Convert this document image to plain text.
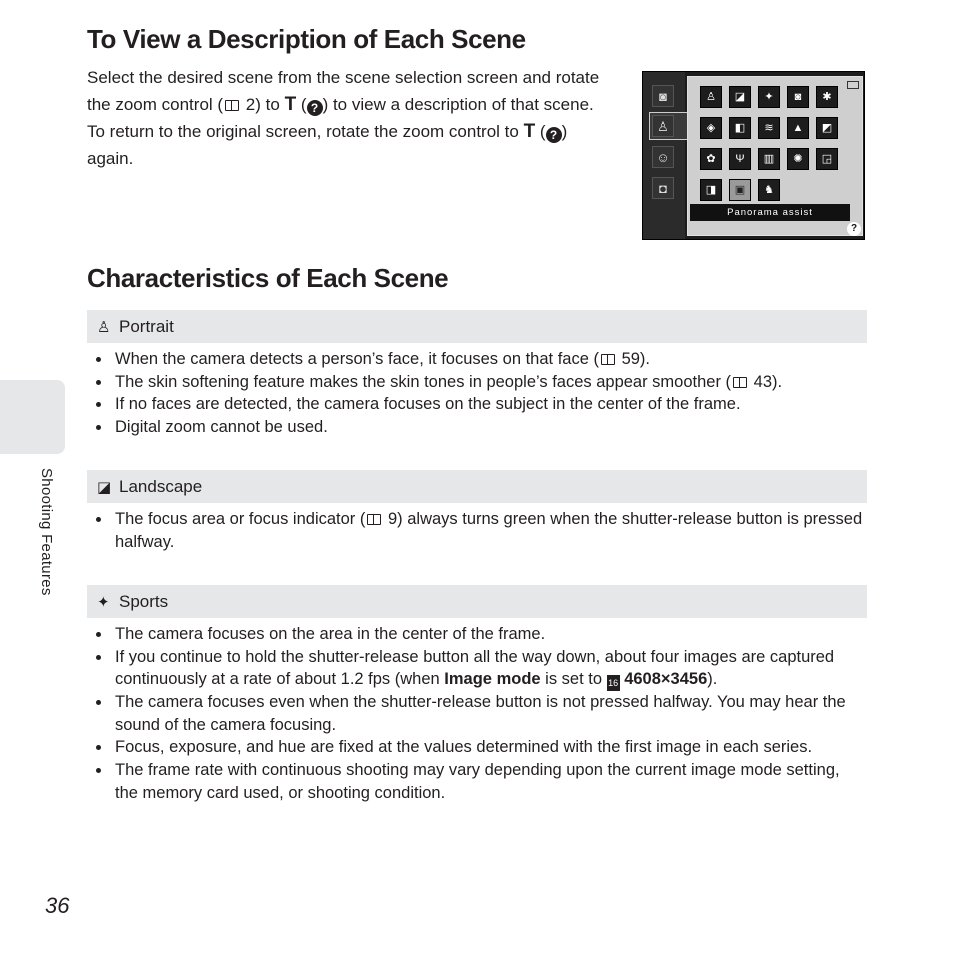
To View a Description of Each Scene

Select the desired scene from the scene selection screen and rotate the zoom control ( 2) to T ( ? ) to view a description of that scene. To return to the original screen, rotate the zoom control to T ( ? ) again.

◙
♙
☺
◘
♙	◪	✦	◙	✱
◈	◧	≋	▲	◩
✿	Ψ	▥	✺	◲
◨	▣	♞
Panorama assist
?
Characteristics of Each Scene
♙ Portrait
When the camera detects a person’s face, it focuses on that face ( 59).
The skin softening feature makes the skin tones in people’s faces appear smoother ( 43).
If no faces are detected, the camera focuses on the subject in the center of the frame.
Digital zoom cannot be used.
◪ Landscape
The focus area or focus indicator ( 9) always turns green when the shutter-release button is pressed halfway.
✦ Sports
The camera focuses on the area in the center of the frame.
If you continue to hold the shutter-release button all the way down, about four images are captured continuously at a rate of about 1.2 fps (when Image mode is set to 16 4608×3456).
The camera focuses even when the shutter-release button is not pressed halfway. You may hear the sound of the camera focusing.
Focus, exposure, and hue are fixed at the values determined with the first image in each series.
The frame rate with continuous shooting may vary depending upon the current image mode setting, the memory card used, or shooting condition.
Shooting Features
36
